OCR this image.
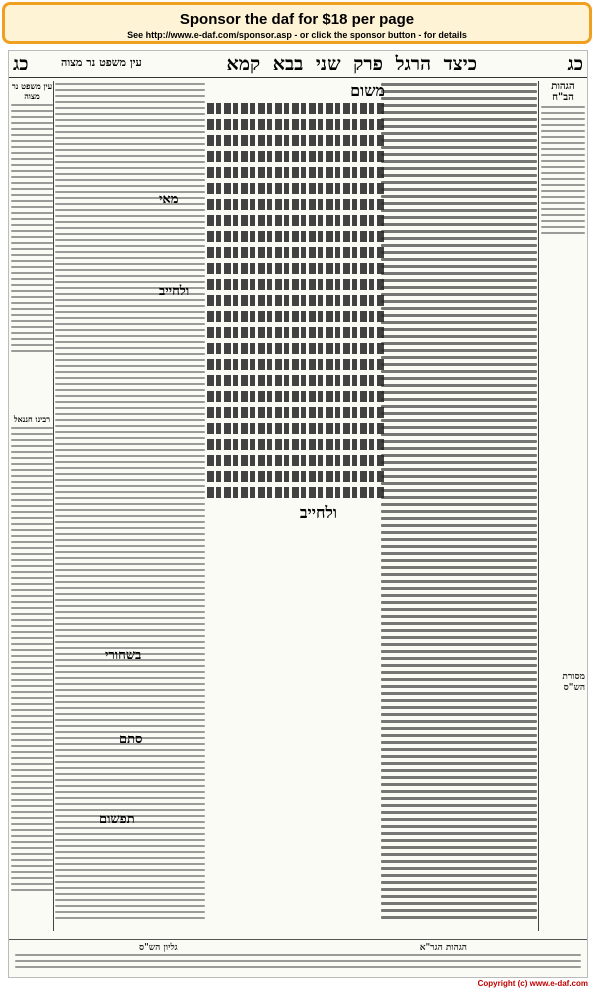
Sponsor the daf for $18 per page

See http://www.e-daf.com/sponsor.asp - or click the sponsor button - for details

כג
כיצד הרגל פרק שני בבא קמא
עין משפט נר מצוה
כג
הגהות הב"ח
מסורת הש"ס
משום
ולחייב
מאי
ולחייב
בשחורי
סתם
תפשום
עין משפט נר מצוה
רבינו חננאל
הגהות הגר"א
גליון הש"ס
Copyright (c) www.e-daf.com
